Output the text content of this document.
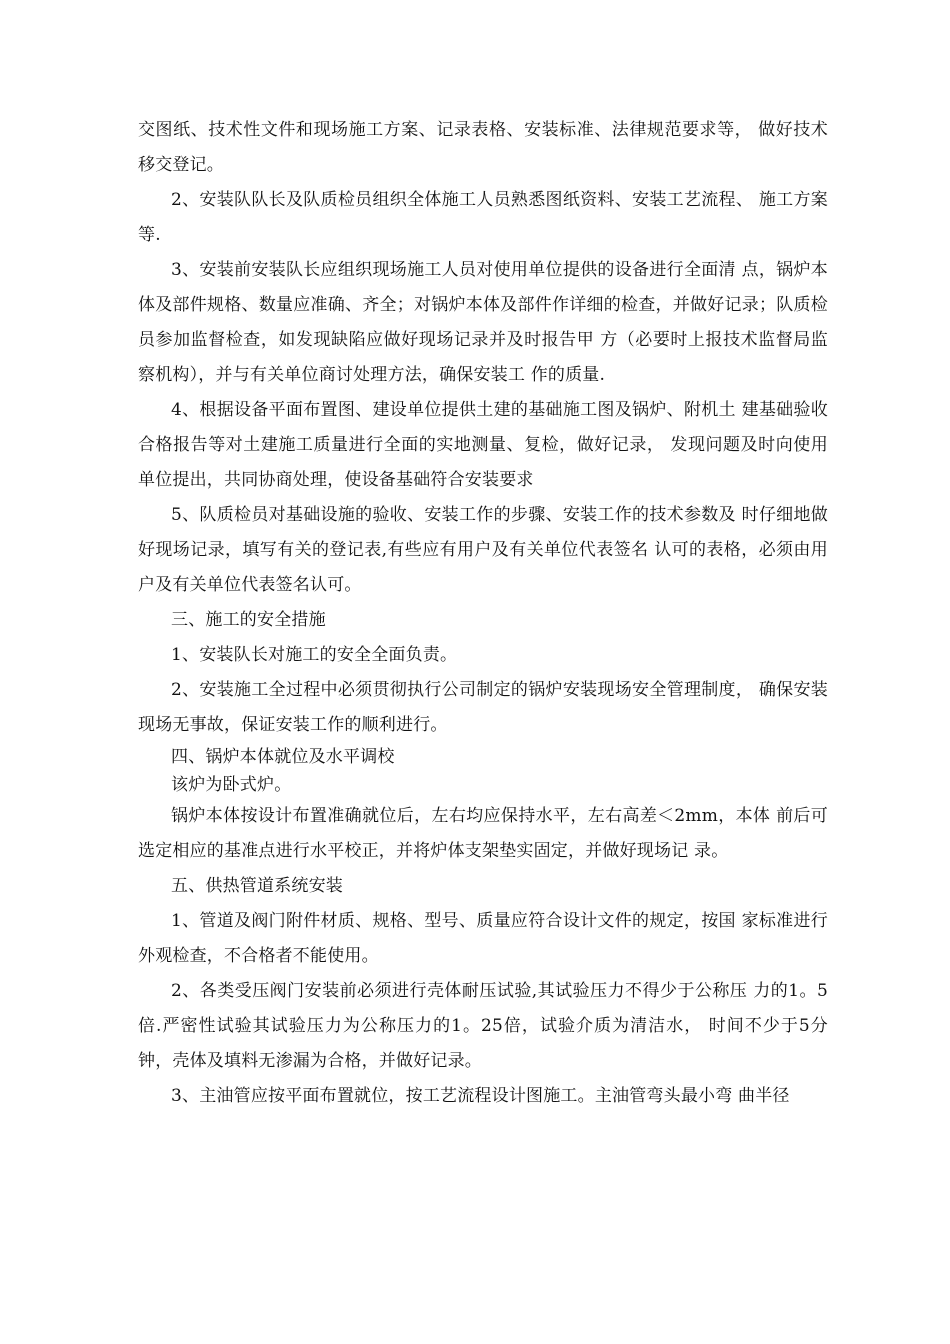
交图纸、技术性文件和现场施工方案、记录表格、安装标准、法律规范要求等， 做好技术移交登记。

2、安装队队长及队质检员组织全体施工人员熟悉图纸资料、安装工艺流程、 施工方案等.

3、安装前安装队长应组织现场施工人员对使用单位提供的设备进行全面清 点，锅炉本体及部件规格、数量应准确、齐全；对锅炉本体及部件作详细的检查，并做好记录；队质检员参加监督检查，如发现缺陷应做好现场记录并及时报告甲 方（必要时上报技术监督局监察机构），并与有关单位商讨处理方法，确保安装工 作的质量.

4、根据设备平面布置图、建设单位提供土建的基础施工图及锅炉、附机土 建基础验收合格报告等对土建施工质量进行全面的实地测量、复检，做好记录， 发现问题及时向使用单位提出，共同协商处理，使设备基础符合安装要求

5、队质检员对基础设施的验收、安装工作的步骤、安装工作的技术参数及 时仔细地做好现场记录，填写有关的登记表,有些应有用户及有关单位代表签名 认可的表格，必须由用户及有关单位代表签名认可。

三、施工的安全措施

1、安装队长对施工的安全全面负责。

2、安装施工全过程中必须贯彻执行公司制定的锅炉安装现场安全管理制度， 确保安装现场无事故，保证安装工作的顺利进行。

四、锅炉本体就位及水平调校

该炉为卧式炉。

锅炉本体按设计布置准确就位后，左右均应保持水平，左右高差＜2mm，本体 前后可选定相应的基准点进行水平校正，并将炉体支架垫实固定，并做好现场记 录。

五、供热管道系统安装

1、管道及阀门附件材质、规格、型号、质量应符合设计文件的规定，按国 家标准进行外观检查，不合格者不能使用。

2、各类受压阀门安装前必须进行壳体耐压试验,其试验压力不得少于公称压 力的1。5倍.严密性试验其试验压力为公称压力的1。25倍，试验介质为清洁水， 时间不少于5分钟，壳体及填料无渗漏为合格，并做好记录。

3、主油管应按平面布置就位，按工艺流程设计图施工。主油管弯头最小弯 曲半径
